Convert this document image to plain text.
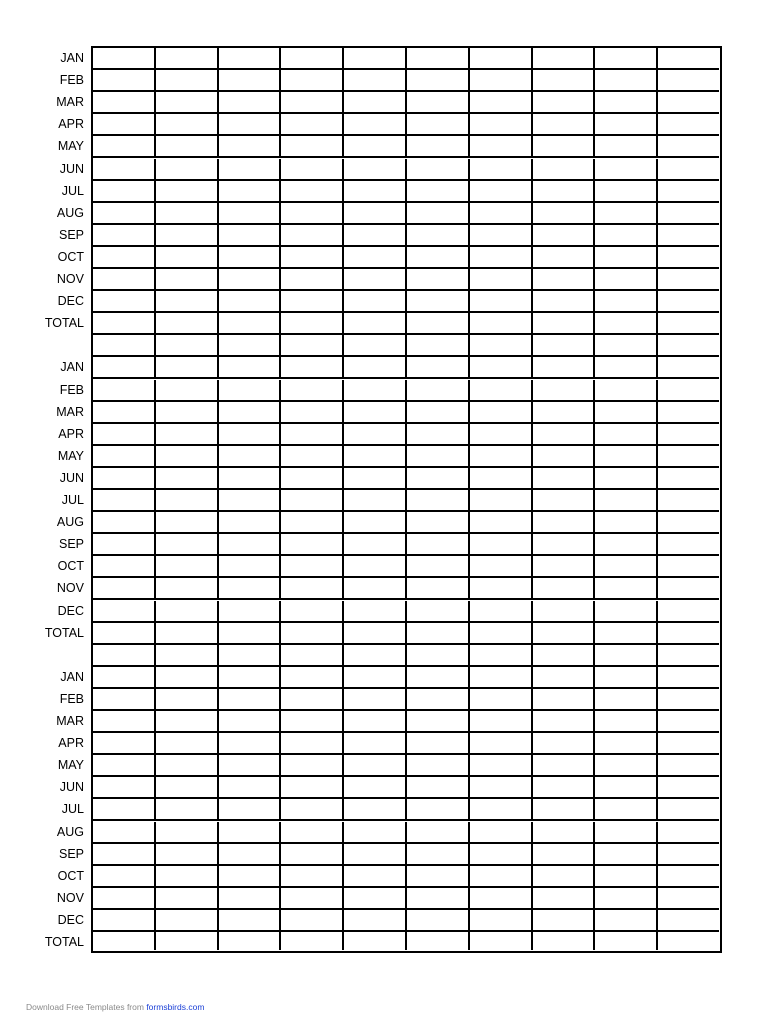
JAN
FEB
MAR
APR
MAY
JUN
JUL
AUG
SEP
OCT
NOV
DEC
TOTAL
JAN
FEB
MAR
APR
MAY
JUN
JUL
AUG
SEP
OCT
NOV
DEC
TOTAL
JAN
FEB
MAR
APR
MAY
JUN
JUL
AUG
SEP
OCT
NOV
DEC
TOTAL
Download Free Templates from formsbirds.com
